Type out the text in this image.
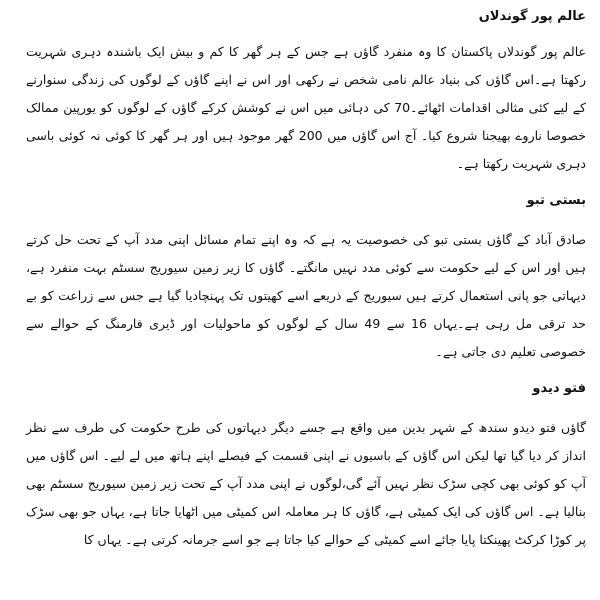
عالم پور گوندلاں

عالم پور گوندلاں پاکستان کا وہ منفرد گاؤں ہے جس کے ہر گھر کا کم و بیش ایک باشندہ دہری شہریت رکھتا ہے۔اس گاؤں کی بنیاد عالم نامی شخص نے رکھی اور اس نے اپنے گاؤں کے لوگوں کی زندگی سنوارنے کے لیے کئی مثالی اقدامات اٹھائے۔70 کی دہائی میں اس نے کوشش کرکے گاؤں کے لوگوں کو یورپین ممالک خصوصا ناروے بھیجنا شروع کیا۔ آج اس گاؤں میں 200 گھر موجود ہیں اور ہر گھر کا کوئی نہ کوئی باسی دہری شہریت رکھتا ہے۔

بستی تبو

صادق آباد کے گاؤں بستی تبو کی خصوصیت یہ ہے کہ وہ اپنے تمام مسائل اپنی مدد آپ کے تحت حل کرتے ہیں اور اس کے لیے حکومت سے کوئی مدد نہیں مانگتے۔ گاؤں کا زیر زمین سیوریج سسٹم بہت منفرد ہے، دیہاتی جو پانی استعمال کرتے ہیں سیوریج کے ذریعے اسے کھیتوں تک پہنچادیا گیا ہے جس سے زراعت کو بے حد ترقی مل رہی ہے۔یہاں 16 سے 49 سال کے لوگوں کو ماحولیات اور ڈیری فارمنگ کے حوالے سے خصوصی تعلیم دی جاتی ہے۔

فتو دیدو

گاؤں فتو دیدو سندھ کے شہر بدین میں واقع ہے جسے دیگر دیہاتوں کی طرح حکومت کی طرف سے نظر انداز کر دیا گیا تھا لیکن اس گاؤں کے باسیوں نے اپنی قسمت کے فیصلے اپنے ہاتھ میں لے لیے۔ اس گاؤں میں آپ کو کوئی بھی کچی سڑک نظر نہیں آئے گی،لوگوں نے اپنی مدد آپ کے تحت زیر زمین سیوریج سسٹم بھی بنالیا ہے۔ اس گاؤں کی ایک کمیٹی ہے، گاؤں کا ہر معاملہ اس کمیٹی میں اٹھایا جاتا ہے، یہاں جو بھی سڑک پر کوڑا کرکٹ پھینکتا پایا جائے اسے کمیٹی کے حوالے کیا جاتا ہے جو اسے جرمانہ کرتی ہے۔ یہاں کا
